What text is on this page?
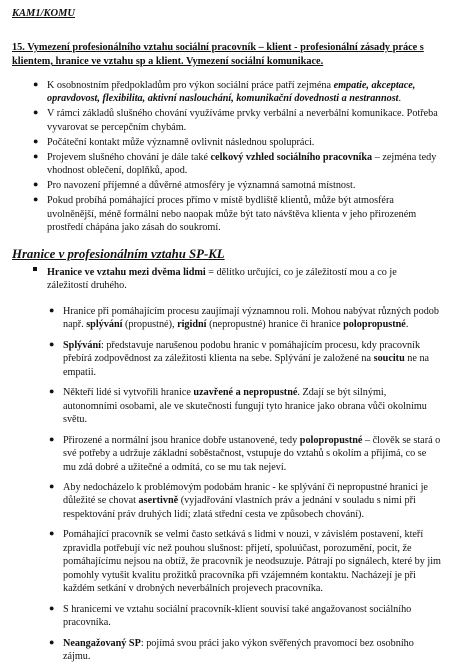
KAM1/KOMU
15. Vymezení profesionálního vztahu sociální pracovník – klient - profesionální zásady práce s klientem, hranice ve vztahu sp a klient. Vymezení sociální komunikace.
● K osobnostním předpokladům pro výkon sociální práce patří zejména empatie, akceptace, opravdovost, flexibilita, aktivní naslouchání, komunikační dovednosti a nestrannost.
● V rámci základů slušného chování využíváme prvky verbální a neverbální komunikace. Potřeba vyvarovat se percepčním chybám.
● Počáteční kontakt může významně ovlivnit následnou spolupráci.
● Projevem slušného chování je dále také celkový vzhled sociálního pracovníka – zejména tedy vhodnost oblečení, doplňků, apod.
● Pro navození příjemné a důvěrné atmosféry je významná samotná místnost.
● Pokud probíhá pomáhající proces přímo v místě bydliště klientů, může být atmosféra uvolněnější, méně formální nebo naopak může být tato návštěva klienta v jeho přirozeném prostředí chápána jako zásah do soukromí.
Hranice v profesionálním vztahu SP-KL
Hranice ve vztahu mezi dvěma lidmi = dělítko určující, co je záležitostí mou a co je záležitostí druhého.
● Hranice při pomáhajícím procesu zaujímají významnou roli. Mohou nabývat různých podob např. splývání (propustné), rigidní (nepropustné) hranice či hranice polopropustné.
● Splývání: představuje narušenou podobu hranic v pomáhajícím procesu, kdy pracovník přebírá zodpovědnost za záležitosti klienta na sebe. Splývání je založené na soucitu ne na empatii.
● Někteří lidé si vytvořili hranice uzavřené a nepropustné. Zdají se být silnými, autonomními osobami, ale ve skutečnosti fungují tyto hranice jako obrana vůči okolnímu světu.
● Přirozené a normální jsou hranice dobře ustanovené, tedy polopropustné – člověk se stará o své potřeby a udržuje základní soběstačnost, vstupuje do vztahů s okolím a přijímá, co se mu zdá dobré a užitečné a odmítá, co se mu tak nejeví.
● Aby nedocházelo k problémovým podobám hranic - ke splývání či nepropustné hranici je důležité se chovat asertivně (vyjadřování vlastních práv a jednání v souladu s nimi při respektování práv druhých lidí; zlatá střední cesta ve způsobech chování).
● Pomáhající pracovník se velmi často setkává s lidmi v nouzi, v závislém postavení, kteří zpravidla potřebují víc než pouhou slušnost: přijetí, spoluúčast, porozumění, pocit, že pomáhajícímu nejsou na obtíž, že pracovník je neodsuzuje. Pátrají po signálech, které by jim pomohly vytušit kvalitu prožitků pracovníka při vzájemném kontaktu. Nacházejí je při každém setkání v drobných neverbálních projevech pracovníka.
● S hranicemi ve vztahu sociální pracovník-klient souvisí také angažovanost sociálního pracovníka.
● Neangažovaný SP: pojímá svou práci jako výkon svěřených pravomocí bez osobního zájmu.
